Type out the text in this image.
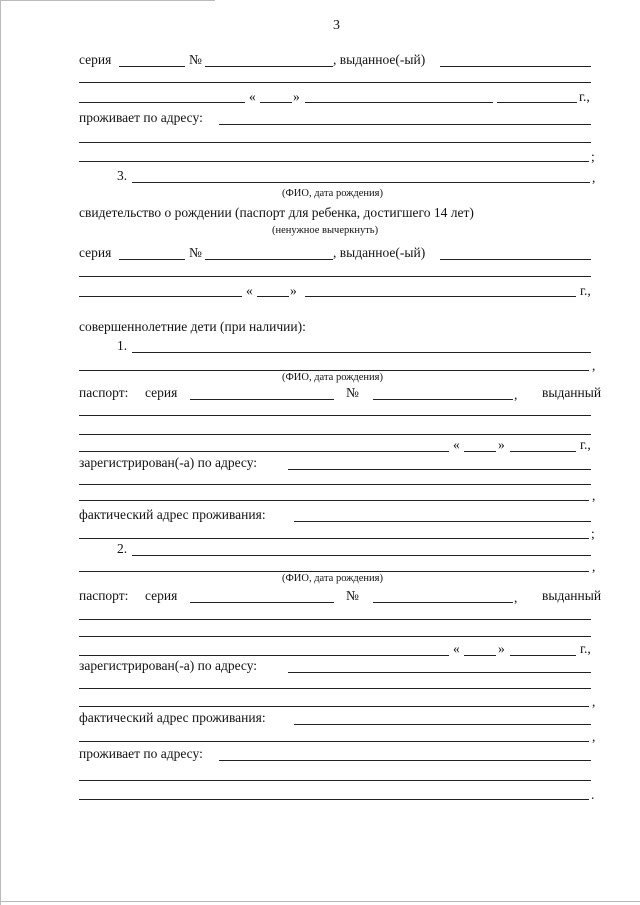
3
серия	№	, выданное(-ый)
«	»	г.,
проживает по адресу:
;
3.	,
(ФИО, дата рождения)
свидетельство о рождении (паспорт для ребенка, достигшего 14 лет)
(ненужное вычеркнуть)
серия	№	, выданное(-ый)
«	»	г.,
совершеннолетние дети (при наличии):
1.
,
(ФИО, дата рождения)
паспорт: серия	№	, выданный
«	»	г.,
зарегистрирован(-а) по адресу:
,
фактический адрес проживания:
;
2.
,
(ФИО, дата рождения)
паспорт: серия	№	, выданный
«	»	г.,
зарегистрирован(-а) по адресу:
,
фактический адрес проживания:
,
проживает по адресу:
.
